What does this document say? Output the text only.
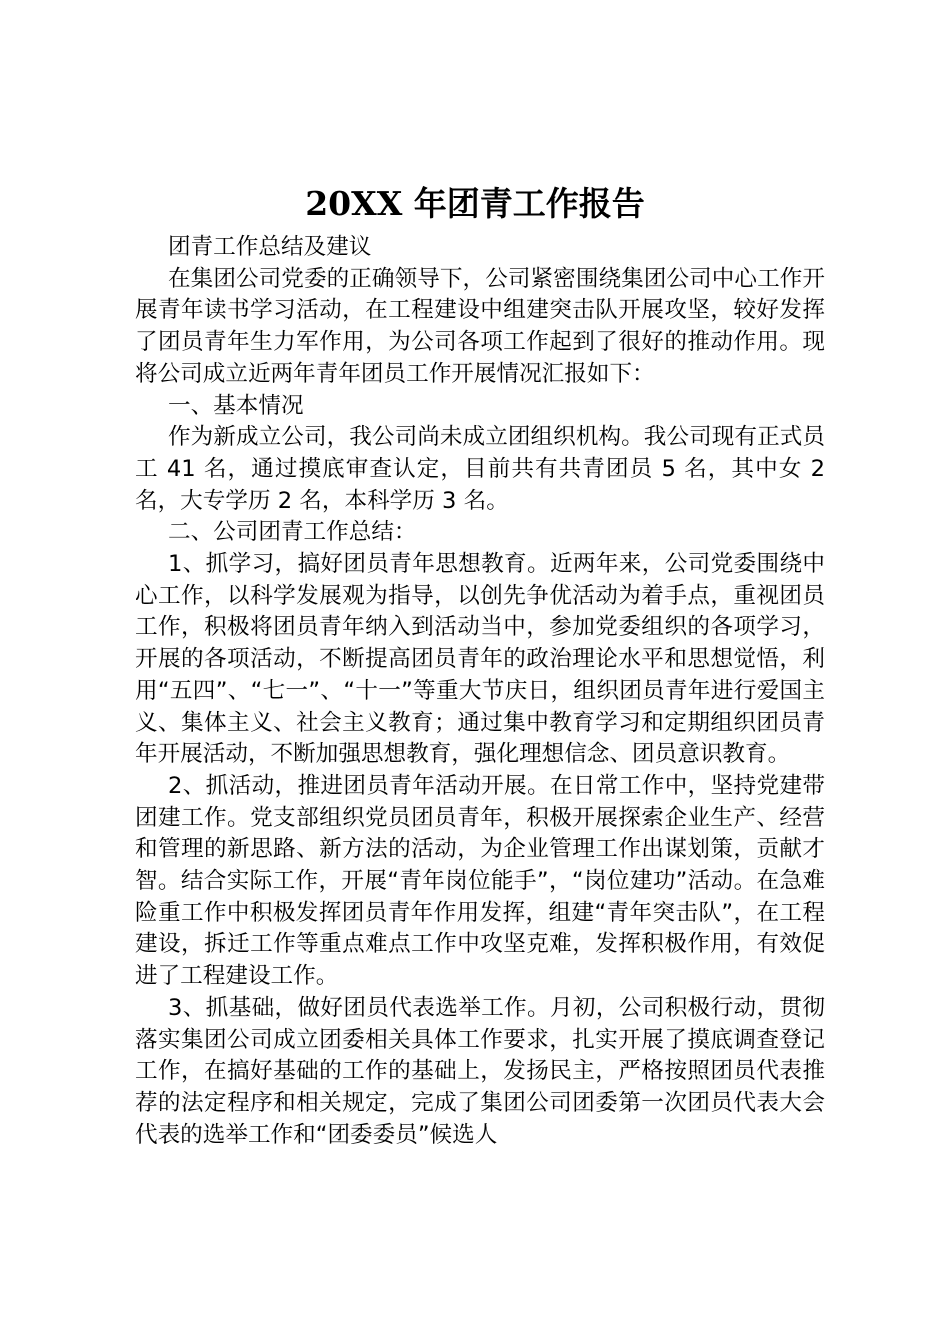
20XX 年团青工作报告

团青工作总结及建议

在集团公司党委的正确领导下，公司紧密围绕集团公司中心工作开展青年读书学习活动，在工程建设中组建突击队开展攻坚，较好发挥了团员青年生力军作用，为公司各项工作起到了很好的推动作用。现将公司成立近两年青年团员工作开展情况汇报如下：

一、基本情况

作为新成立公司，我公司尚未成立团组织机构。我公司现有正式员工 41 名，通过摸底审查认定，目前共有共青团员 5 名，其中女 2 名，大专学历 2 名，本科学历 3 名。

二、公司团青工作总结：

1、抓学习，搞好团员青年思想教育。近两年来，公司党委围绕中心工作，以科学发展观为指导，以创先争优活动为着手点，重视团员工作，积极将团员青年纳入到活动当中，参加党委组织的各项学习，开展的各项活动，不断提高团员青年的政治理论水平和思想觉悟，利用“五四”、“七一”、“十一”等重大节庆日，组织团员青年进行爱国主义、集体主义、社会主义教育；通过集中教育学习和定期组织团员青年开展活动，不断加强思想教育，强化理想信念、团员意识教育。

2、抓活动，推进团员青年活动开展。在日常工作中，坚持党建带团建工作。党支部组织党员团员青年，积极开展探索企业生产、经营和管理的新思路、新方法的活动，为企业管理工作出谋划策，贡献才智。结合实际工作，开展“青年岗位能手”，“岗位建功”活动。在急难险重工作中积极发挥团员青年作用发挥，组建“青年突击队”，在工程建设，拆迁工作等重点难点工作中攻坚克难，发挥积极作用，有效促进了工程建设工作。

3、抓基础，做好团员代表选举工作。月初，公司积极行动，贯彻落实集团公司成立团委相关具体工作要求，扎实开展了摸底调查登记工作，在搞好基础的工作的基础上，发扬民主，严格按照团员代表推荐的法定程序和相关规定，完成了集团公司团委第一次团员代表大会代表的选举工作和“团委委员”候选人
